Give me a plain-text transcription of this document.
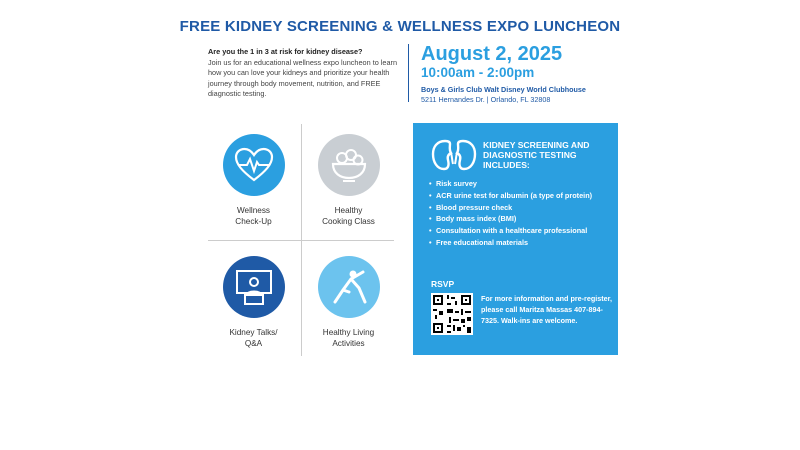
FREE KIDNEY SCREENING & WELLNESS EXPO LUNCHEON
Are you the 1 in 3 at risk for kidney disease?
Join us for an educational wellness expo luncheon to learn how you can love your kidneys and prioritize your health journey through body movement, nutrition, and FREE diagnostic testing.
August 2, 2025
10:00am - 2:00pm
Boys & Girls Club Walt Disney World Clubhouse
5211 Hernandes Dr. | Orlando, FL 32808
Wellness
Check-Up
Healthy
Cooking Class
Kidney Talks/
Q&A
Healthy Living
Activities
KIDNEY SCREENING AND DIAGNOSTIC TESTING INCLUDES:
• Risk survey
• ACR urine test for albumin (a type of protein)
• Blood pressure check
• Body mass index (BMI)
• Consultation with a healthcare professional
• Free educational materials
RSVP
For more information and pre-register, please call Maritza Massas 407-894-7325. Walk-ins are welcome.
